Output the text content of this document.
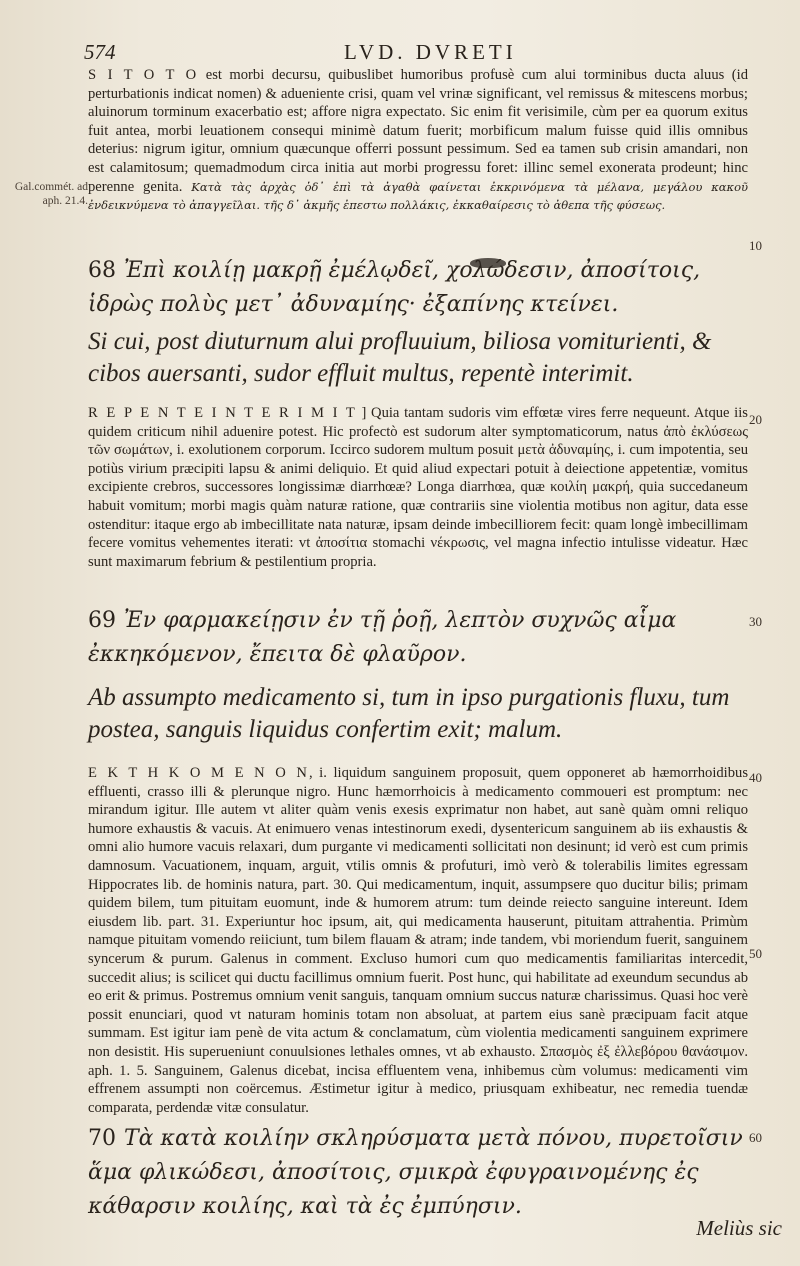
574	LVD. DVRETI
Gal.commét. ad aph. 21.4.
10
20
30
40
50
60

S I T O T O est morbi decursu, quibuslibet humoribus profusè cum alui torminibus ducta aluus (id perturbationis indicat nomen) & adueniente crisi, quam vel vrinæ significant, vel remissus & mitescens morbus; aluinorum torminum exacerbatio est; affore nigra expectato. Sic enim fit verisimile, cùm per ea quorum exitus fuit antea, morbi leuationem consequi minimè datum fuerit; morbificum malum fuisse quid illis omnibus deterius: nigrum igitur, omnium quæcunque offerri possunt pessimum. Sed ea tamen sub crisin amandari, non est calamitosum; quemadmodum circa initia aut morbi progressu foret: illinc semel exonerata prodeunt; hinc perenne genita. Κατὰ τὰς ἀρχὰς ὁδ᾽ ἐπὶ τὰ ἀγαθὰ φαίνεται ἐκκρινόμενα τὰ μέλανα, μεγάλου κακοῦ ἐνδεικνύμενα τὸ ἀπαγγεῖλαι. τῆς δ᾽ ἀκμῆς ἐπεστω πολλάκις, ἐκκαθαίρεσις τὸ ἀθεπα τῆς φύσεως.

68 Ἐπὶ κοιλίῃ μακρῇ ἐμέλῳδεῖ, χολώδεσιν, ἀποσίτοις, ἱδρὼς πολὺς μετ᾽ ἀδυναμίης· ἐξαπίνης κτείνει.

Si cui, post diuturnum alui profluuium, biliosa vomiturienti, & cibos auersanti, sudor effluit multus, repentè interimit.

R E P E N T E I N T E R I M I T ] Quia tantam sudoris vim effœtæ vires ferre nequeunt. Atque iis quidem criticum nihil aduenire potest. Hic profectò est sudorum alter symptomaticorum, natus ἀπὸ ἐκλύσεως τῶν σωμάτων, i. exolutionem corporum. Iccirco sudorem multum posuit μετὰ ἀδυναμίης, i. cum impotentia, seu potiùs virium præcipiti lapsu & animi deliquio. Et quid aliud expectari potuit à deiectione appetentiæ, vomitus excipiente crebros, successores longissimæ diarrhœæ? Longa diarrhœa, quæ κοιλίη μακρή, quia succedaneum habuit vomitum; morbi magis quàm naturæ ratione, quæ contrariis sine violentia motibus non agitur, data esse ostenditur: itaque ergo ab imbecillitate nata naturæ, ipsam deinde imbecilliorem fecit: quam longè imbecillimam fecere vomitus vehementes iterati: vt ἀποσίτια stomachi νέκρωσις, vel magna infectio intulisse videatur. Hæc sunt maximarum febrium & pestilentium propria.

69 Ἐν φαρμακείῃσιν ἐν τῇ ῥοῇ, λεπτὸν συχνῶς αἷμα ἐκκηκόμενον, ἔπειτα δὲ φλαῦρον.

Ab assumpto medicamento si, tum in ipso purgationis fluxu, tum postea, sanguis liquidus confertim exit; malum.

E K T H K O M E N O N, i. liquidum sanguinem proposuit, quem opponeret ab hæmorrhoidibus effluenti, crasso illi & plerunque nigro. Hunc hæmorrhoicis à medicamento commoueri est promptum: nec mirandum igitur. Ille autem vt aliter quàm venis exesis exprimatur non habet, aut sanè quàm omni reliquo humore exhaustis & vacuis. At enimuero venas intestinorum exedi, dysentericum sanguinem ab iis exhaustis & omni alio humore vacuis relaxari, dum purgante vi medicamenti sollicitati non desinunt; id verò est cum primis damnosum. Vacuationem, inquam, arguit, vtilis omnis & profuturi, imò verò & tolerabilis limites egressam Hippocrates lib. de hominis natura, part. 30. Qui medicamentum, inquit, assumpsere quo ducitur bilis; primam quidem bilem, tum pituitam euomunt, inde & humorem atrum: tum deinde reiecto sanguine intereunt. Idem eiusdem lib. part. 31. Experiuntur hoc ipsum, ait, qui medicamenta hauserunt, pituitam attrahentia. Primùm namque pituitam vomendo reiiciunt, tum bilem flauam & atram; inde tandem, vbi moriendum fuerit, sanguinem syncerum & purum. Galenus in comment. Excluso humori cum quo medicamentis familiaritas intercedit, succedit alius; is scilicet qui ductu facillimus omnium fuerit. Post hunc, qui habilitate ad exeundum secundus ab eo erit & primus. Postremus omnium venit sanguis, tanquam omnium succus naturæ charissimus. Quasi hoc verè possit enunciari, quod vt naturam hominis totam non absoluat, at partem eius sanè præcipuam facit atque summam. Est igitur iam penè de vita actum & conclamatum, cùm violentia medicamenti sanguinem exprimere non desistit. His superueniunt conuulsiones lethales omnes, vt ab exhausto. Σπασμὸς ἐξ ἐλλεβόρου θανάσιμον. aph. 1. 5. Sanguinem, Galenus dicebat, incisa effluentem vena, inhibemus cùm volumus: medicamenti vim effrenem assumpti non coërcemus. Æstimetur igitur à medico, priusquam exhibeatur, nec remedia tuendæ comparata, perdendæ vitæ consulatur.

70 Τὰ κατὰ κοιλίην σκληρύσματα μετὰ πόνου, πυρετοῖσιν ἅμα φλικώδεσι, ἀποσίτοις, σμικρὰ ἐφυγραινομένης ἐς κάθαρσιν κοιλίης, καὶ τὰ ἐς ἐμπύησιν.

Meliùs sic
